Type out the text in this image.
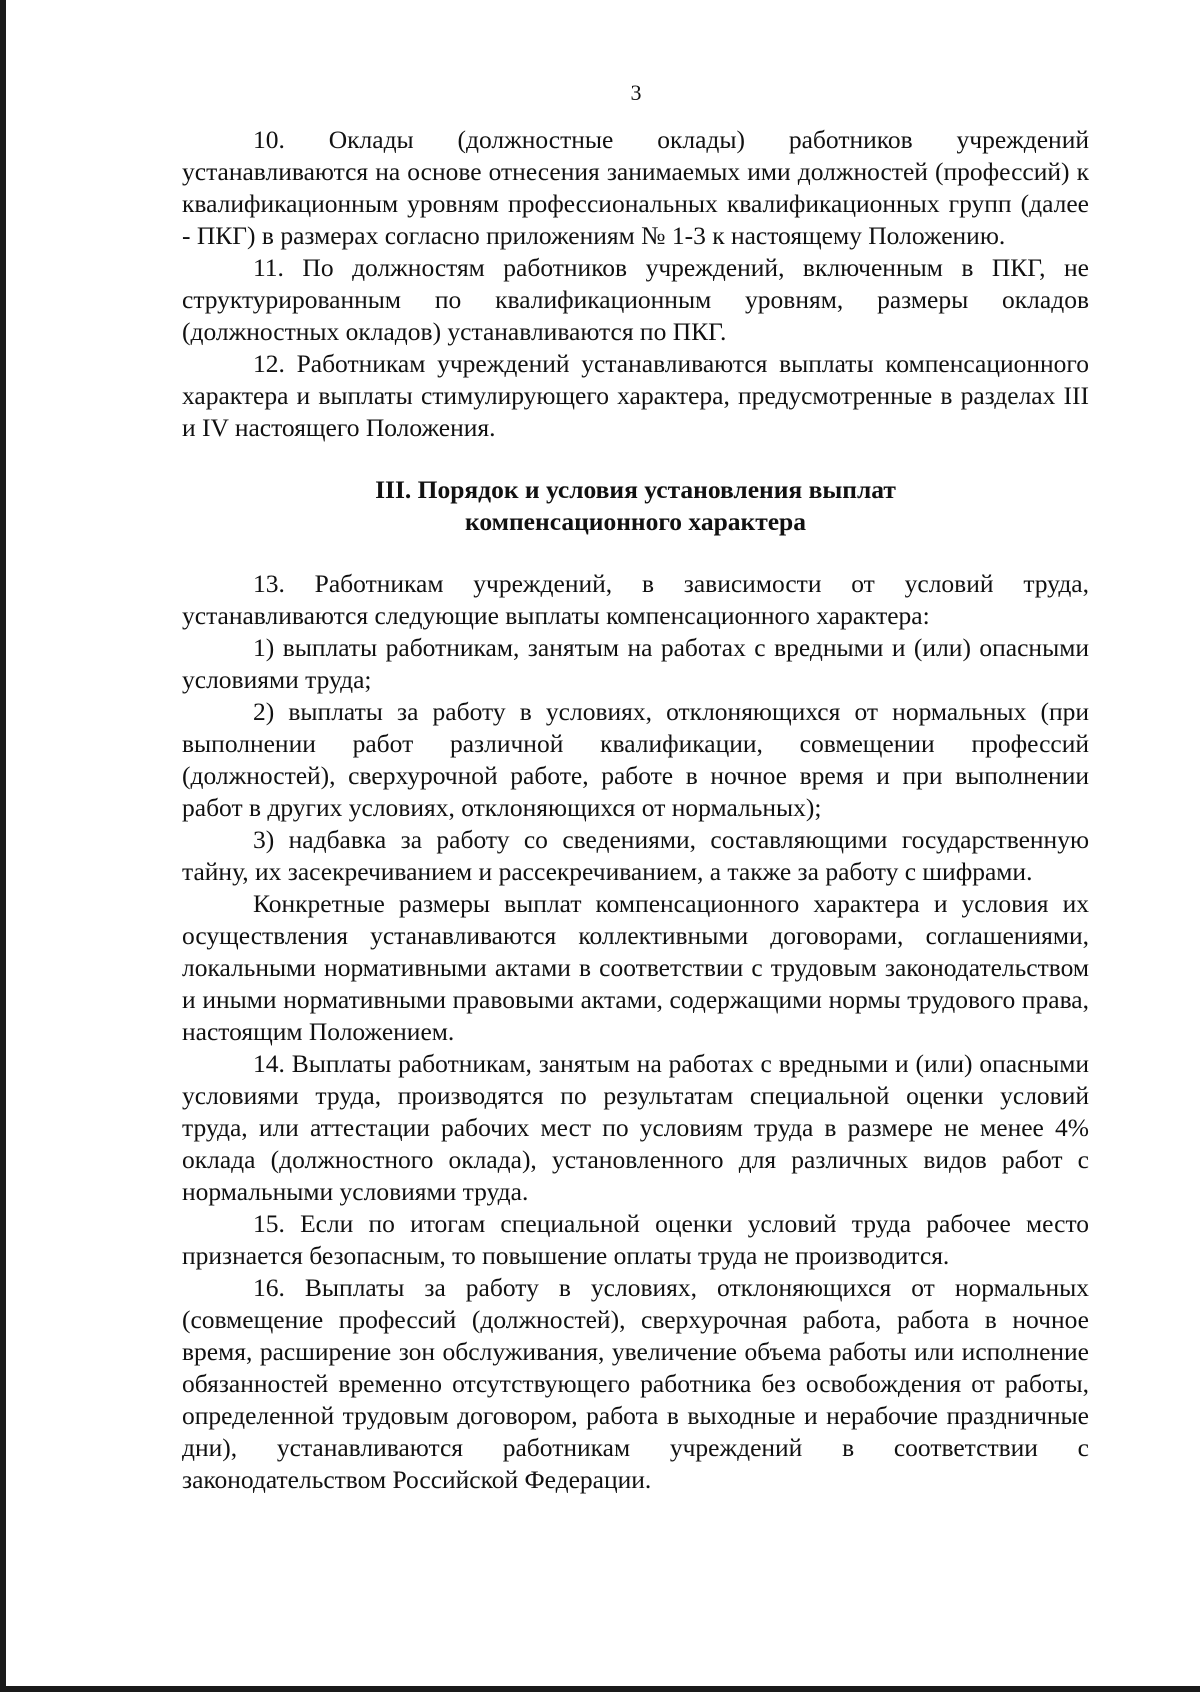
3

10. Оклады (должностные оклады) работников учреждений устанавливаются на основе отнесения занимаемых ими должностей (профессий) к квалификационным уровням профессиональных квалификационных групп (далее - ПКГ) в размерах согласно приложениям № 1-3 к настоящему Положению.

11. По должностям работников учреждений, включенным в ПКГ, не структурированным по квалификационным уровням, размеры окладов (должностных окладов) устанавливаются по ПКГ.

12. Работникам учреждений устанавливаются выплаты компенсационного характера и выплаты стимулирующего характера, предусмотренные в разделах III и IV настоящего Положения.

III. Порядок и условия установления выплат
компенсационного характера

13. Работникам учреждений, в зависимости от условий труда, устанавливаются следующие выплаты компенсационного характера:

1) выплаты работникам, занятым на работах с вредными и (или) опасными условиями труда;

2) выплаты за работу в условиях, отклоняющихся от нормальных (при выполнении работ различной квалификации, совмещении профессий (должностей), сверхурочной работе, работе в ночное время и при выполнении работ в других условиях, отклоняющихся от нормальных);

3) надбавка за работу со сведениями, составляющими государственную тайну, их засекречиванием и рассекречиванием, а также за работу с шифрами.

Конкретные размеры выплат компенсационного характера и условия их осуществления устанавливаются коллективными договорами, соглашениями, локальными нормативными актами в соответствии с трудовым законодательством и иными нормативными правовыми актами, содержащими нормы трудового права, настоящим Положением.

14. Выплаты работникам, занятым на работах с вредными и (или) опасными условиями труда, производятся по результатам специальной оценки условий труда, или аттестации рабочих мест по условиям труда в размере не менее 4% оклада (должностного оклада), установленного для различных видов работ с нормальными условиями труда.

15. Если по итогам специальной оценки условий труда рабочее место признается безопасным, то повышение оплаты труда не производится.

16. Выплаты за работу в условиях, отклоняющихся от нормальных (совмещение профессий (должностей), сверхурочная работа, работа в ночное время, расширение зон обслуживания, увеличение объема работы или исполнение обязанностей временно отсутствующего работника без освобождения от работы, определенной трудовым договором, работа в выходные и нерабочие праздничные дни), устанавливаются работникам учреждений в соответствии с законодательством Российской Федерации.
